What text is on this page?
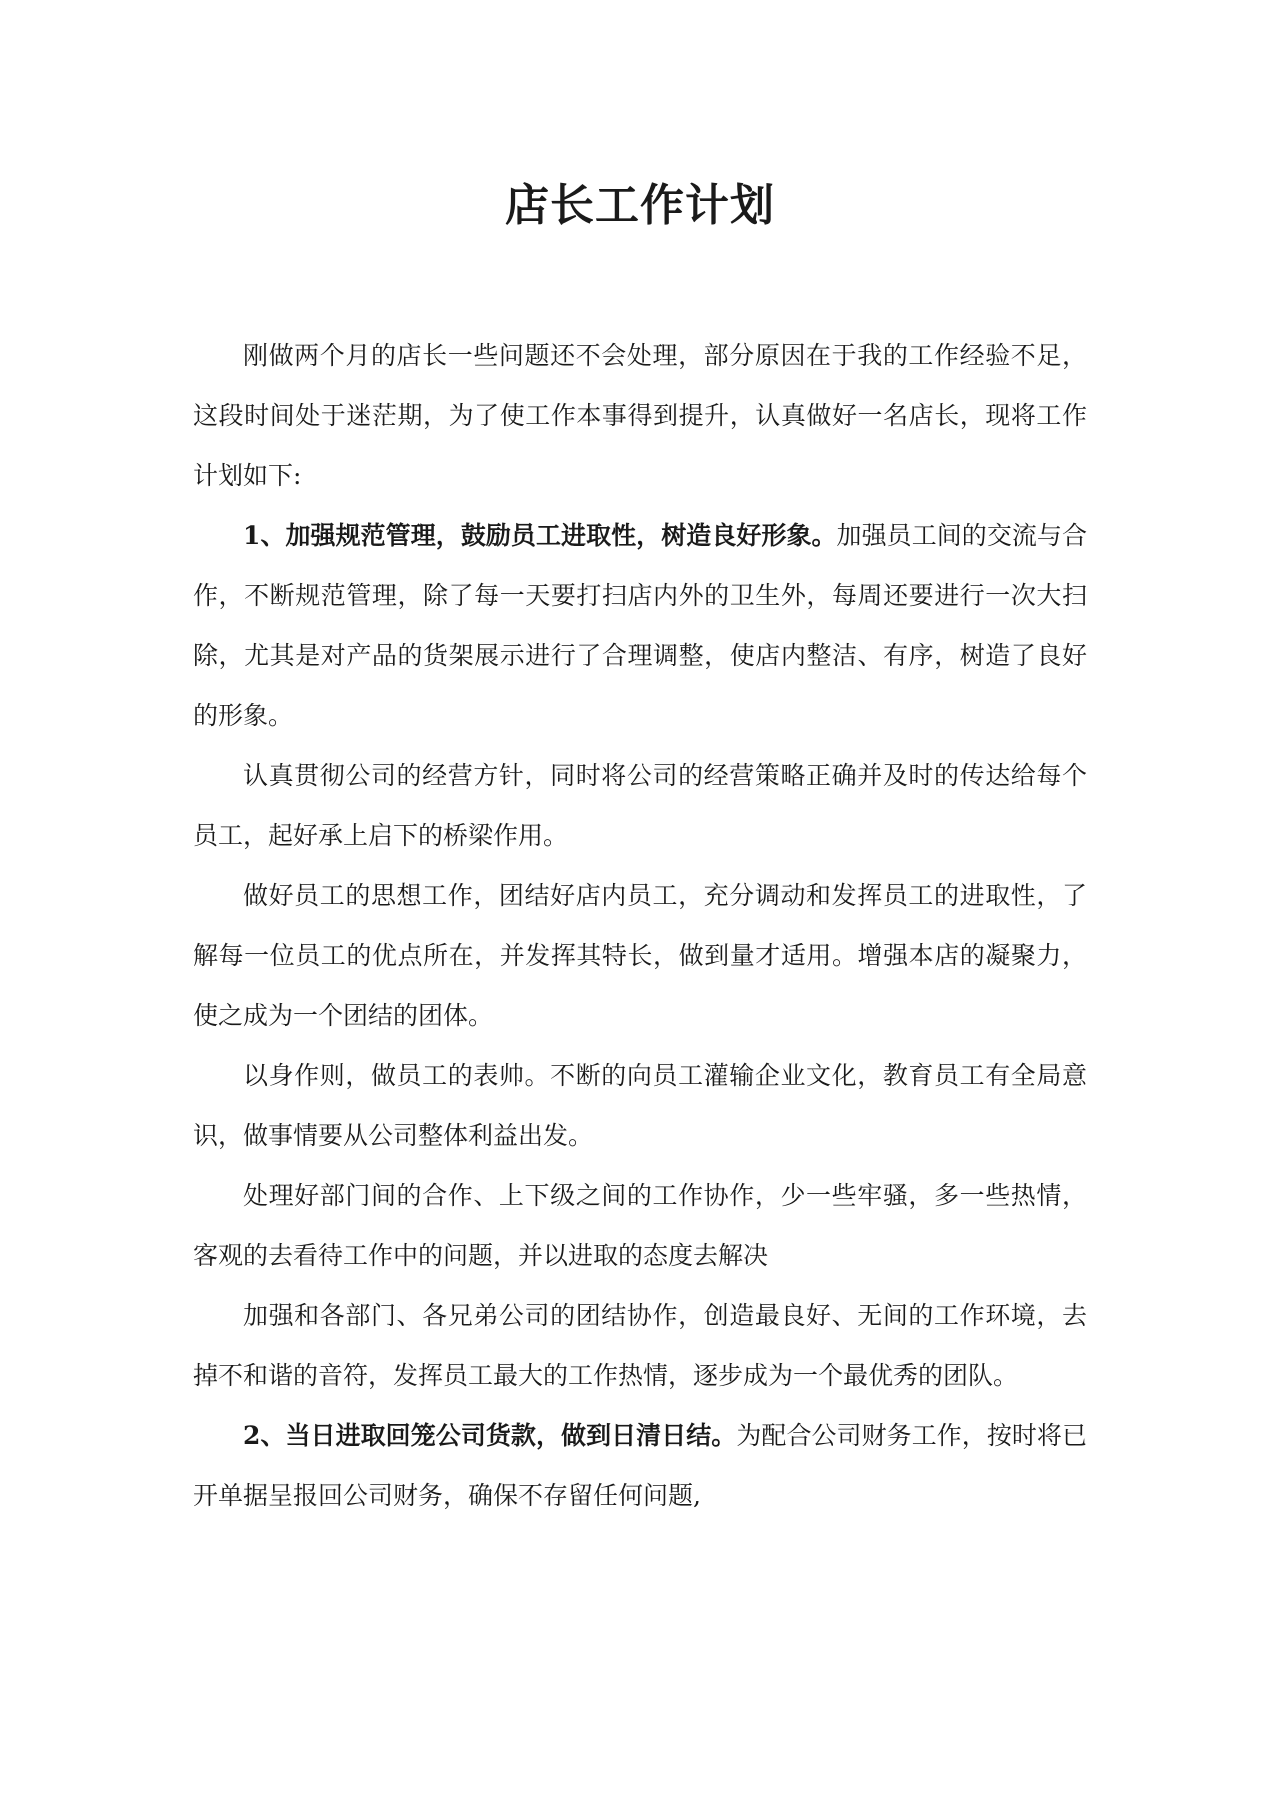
店长工作计划

刚做两个月的店长一些问题还不会处理，部分原因在于我的工作经验不足，这段时间处于迷茫期，为了使工作本事得到提升，认真做好一名店长，现将工作计划如下:

1、加强规范管理，鼓励员工进取性，树造良好形象。加强员工间的交流与合作，不断规范管理，除了每一天要打扫店内外的卫生外，每周还要进行一次大扫除，尤其是对产品的货架展示进行了合理调整，使店内整洁、有序，树造了良好的形象。

认真贯彻公司的经营方针，同时将公司的经营策略正确并及时的传达给每个员工，起好承上启下的桥梁作用。

做好员工的思想工作，团结好店内员工，充分调动和发挥员工的进取性，了解每一位员工的优点所在，并发挥其特长，做到量才适用。增强本店的凝聚力，使之成为一个团结的团体。

以身作则，做员工的表帅。不断的向员工灌输企业文化，教育员工有全局意识，做事情要从公司整体利益出发。

处理好部门间的合作、上下级之间的工作协作，少一些牢骚，多一些热情，客观的去看待工作中的问题，并以进取的态度去解决

加强和各部门、各兄弟公司的团结协作，创造最良好、无间的工作环境，去掉不和谐的音符，发挥员工最大的工作热情，逐步成为一个最优秀的团队。

2、当日进取回笼公司货款，做到日清日结。为配合公司财务工作，按时将已开单据呈报回公司财务，确保不存留任何问题,
